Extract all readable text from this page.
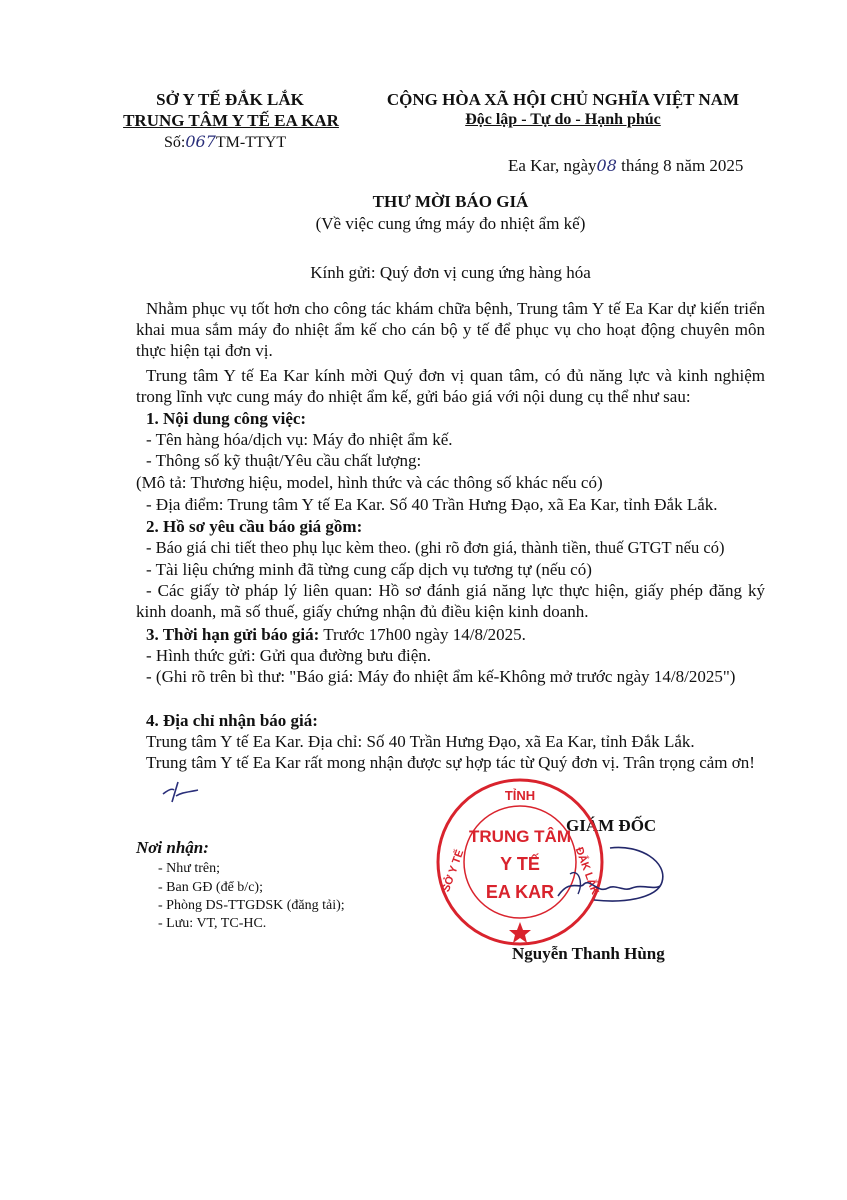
SỞ Y TẾ ĐẮK LẮK
TRUNG TÂM Y TẾ EA KAR
Số:067TM-TTYT
CỘNG HÒA XÃ HỘI CHỦ NGHĨA VIỆT NAM
Độc lập - Tự do - Hạnh phúc
Ea Kar, ngày08 tháng 8 năm 2025
THƯ MỜI BÁO GIÁ
(Về việc cung ứng máy đo nhiệt ẩm kế)
Kính gửi: Quý đơn vị cung ứng hàng hóa
Nhằm phục vụ tốt hơn cho công tác khám chữa bệnh, Trung tâm Y tế Ea Kar dự kiến triển khai mua sắm máy đo nhiệt ẩm kế cho cán bộ y tế để phục vụ cho hoạt động chuyên môn thực hiện tại đơn vị.
Trung tâm Y tế Ea Kar kính mời Quý đơn vị quan tâm, có đủ năng lực và kinh nghiệm trong lĩnh vực cung máy đo nhiệt ẩm kế, gửi báo giá với nội dung cụ thể như sau:
1. Nội dung công việc:
- Tên hàng hóa/dịch vụ: Máy đo nhiệt ẩm kế.
- Thông số kỹ thuật/Yêu cầu chất lượng:
(Mô tả: Thương hiệu, model, hình thức và các thông số khác nếu có)
- Địa điểm: Trung tâm Y tế Ea Kar. Số 40 Trần Hưng Đạo, xã Ea Kar, tỉnh Đắk Lắk.
2. Hồ sơ yêu cầu báo giá gồm:
- Báo giá chi tiết theo phụ lục kèm theo. (ghi rõ đơn giá, thành tiền, thuế GTGT nếu có)
- Tài liệu chứng minh đã từng cung cấp dịch vụ tương tự (nếu có)
- Các giấy tờ pháp lý liên quan: Hồ sơ đánh giá năng lực thực hiện, giấy phép đăng ký kinh doanh, mã số thuế, giấy chứng nhận đủ điều kiện kinh doanh.
3. Thời hạn gửi báo giá: Trước 17h00 ngày 14/8/2025.
- Hình thức gửi: Gửi qua đường bưu điện.
- (Ghi rõ trên bì thư: "Báo giá: Máy đo nhiệt ẩm kế-Không mở trước ngày 14/8/2025")
4. Địa chỉ nhận báo giá:
Trung tâm Y tế Ea Kar. Địa chỉ: Số 40 Trần Hưng Đạo, xã Ea Kar, tỉnh Đắk Lắk.
Trung tâm Y tế Ea Kar rất mong nhận được sự hợp tác từ Quý đơn vị. Trân trọng cảm ơn!
Nơi nhận:
- Như trên;
- Ban GĐ (để b/c);
- Phòng DS-TTGDSK (đăng tải);
- Lưu: VT, TC-HC.
GIÁM ĐỐC
Nguyễn Thanh Hùng
TỈNH
TRUNG TÂM
Y TẾ
EA KAR
SỞ Y TẾ	ĐẮK LẮK
